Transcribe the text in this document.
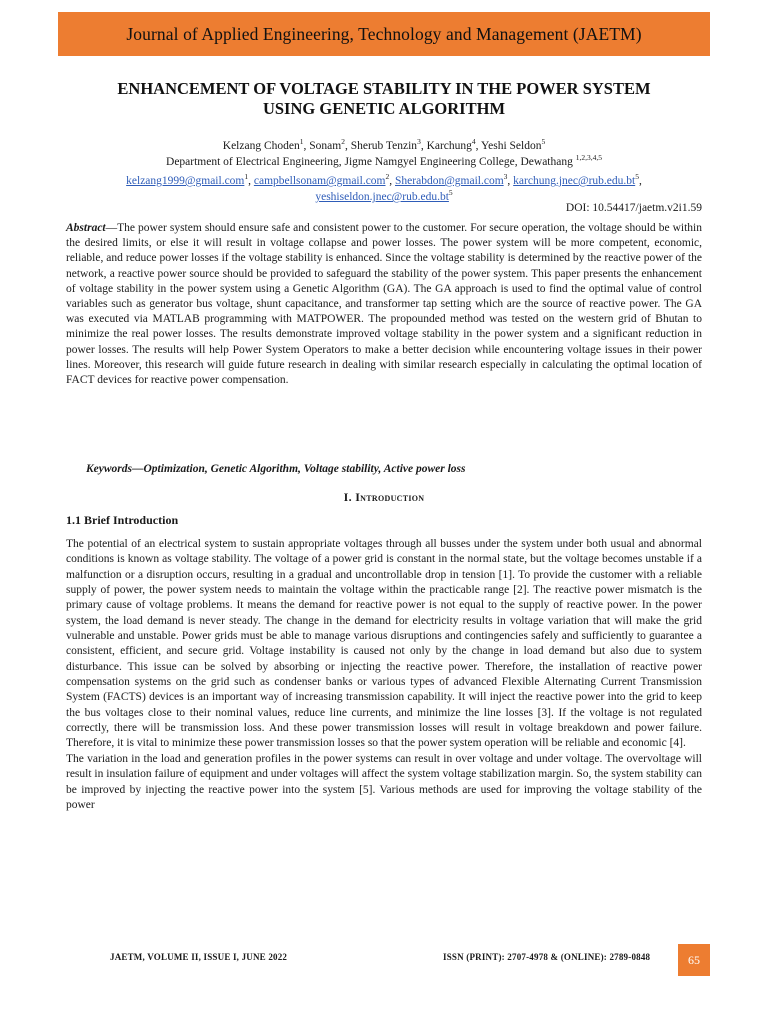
Journal of Applied Engineering, Technology and Management (JAETM)
ENHANCEMENT OF VOLTAGE STABILITY IN THE POWER SYSTEM
USING GENETIC ALGORITHM
Kelzang Choden$^1$, Sonam$^2$, Sherub Tenzin$^3$, Karchung$^4$, Yeshi Seldon$^5$
Department of Electrical Engineering, Jigme Namgyel Engineering College, Dewathang $^{1,2,3,4,5}$
kelzang1999@gmail.com$^1$, campbellsonam@gmail.com$^2$, Sherabdon@gmail.com$^3$, $karchung.jnec@rub.edu.bt^5$,
$yeshiseldon.jnec@rub.edu.bt^5$
DOI: 10.54417/jaetm.v2i1.59
Abstract—The power system should ensure safe and consistent power to the customer. For secure operation, the voltage should be within the desired limits, or else it will result in voltage collapse and power losses. The power system will be more competent, economic, reliable, and reduce power losses if the voltage stability is enhanced. Since the voltage stability is determined by the reactive power of the network, a reactive power source should be provided to safeguard the stability of the power system. This paper presents the enhancement of voltage stability in the power system using a Genetic Algorithm (GA). The GA approach is used to find the optimal value of control variables such as generator bus voltage, shunt capacitance, and transformer tap setting which are the source of reactive power. The GA was executed via MATLAB programming with MATPOWER. The propounded method was tested on the western grid of Bhutan to minimize the real power losses. The results demonstrate improved voltage stability in the power system and a significant reduction in power losses. The results will help Power System Operators to make a better decision while encountering voltage issues in their power lines. Moreover, this research will guide future research in dealing with similar research especially in calculating the optimal location of FACT devices for reactive power compensation.
Keywords—Optimization, Genetic Algorithm, Voltage stability, Active power loss
I. Introduction
1.1 Brief Introduction

The potential of an electrical system to sustain appropriate voltages through all busses under the system under both usual and abnormal conditions is known as voltage stability. The voltage of a power grid is constant in the normal state, but the voltage becomes unstable if a malfunction or a disruption occurs, resulting in a gradual and uncontrollable drop in tension [1]. To provide the customer with a reliable supply of power, the power system needs to maintain the voltage within the practicable range [2]. The reactive power mismatch is the primary cause of voltage problems. It means the demand for reactive power is not equal to the supply of reactive power. In the power system, the load demand is never steady. The change in the demand for electricity results in voltage variation that will make the grid vulnerable and unstable. Power grids must be able to manage various disruptions and contingencies safely and sufficiently to guarantee a consistent, efficient, and secure grid. Voltage instability is caused not only by the change in load demand but also due to system disturbance. This issue can be solved by absorbing or injecting the reactive power. Therefore, the installation of reactive power compensation systems on the grid such as condenser banks or various types of advanced Flexible Alternating Current Transmission System (FACTS) devices is an important way of increasing transmission capability. It will inject the reactive power into the grid to keep the bus voltages close to their nominal values, reduce line currents, and minimize the line losses [3]. If the voltage is not regulated correctly, there will be transmission loss. And these power transmission losses will result in voltage breakdown and power failure. Therefore, it is vital to minimize these power transmission losses so that the power system operation will be reliable and economic [4].

The variation in the load and generation profiles in the power systems can result in over voltage and under voltage. The overvoltage will result in insulation failure of equipment and under voltages will affect the system voltage stabilization margin. So, the system stability can be improved by injecting the reactive power into the system [5]. Various methods are used for improving the voltage stability of the power

JAETM, VOLUME II, ISSUE I, JUNE 2022	ISSN (PRINT): 2707-4978 & (ONLINE): 2789-0848	65
